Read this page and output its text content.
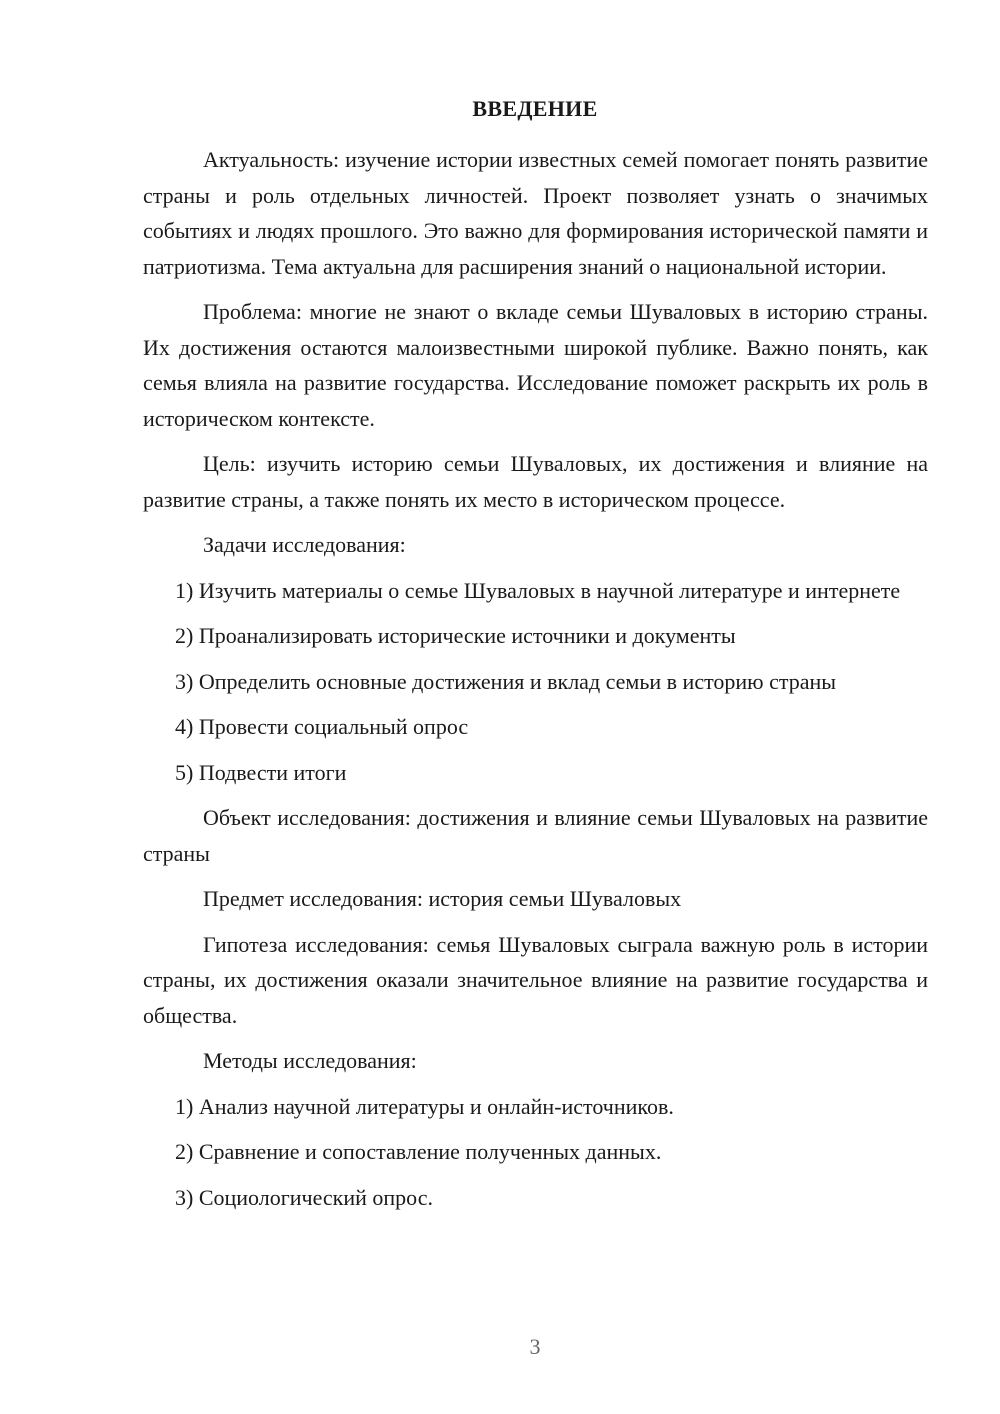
ВВЕДЕНИЕ

Актуальность: изучение истории известных семей помогает понять развитие страны и роль отдельных личностей. Проект позволяет узнать о значимых событиях и людях прошлого. Это важно для формирования исторической памяти и патриотизма. Тема актуальна для расширения знаний о национальной истории.

Проблема: многие не знают о вкладе семьи Шуваловых в историю страны. Их достижения остаются малоизвестными широкой публике. Важно понять, как семья влияла на развитие государства. Исследование поможет раскрыть их роль в историческом контексте.

Цель: изучить историю семьи Шуваловых, их достижения и влияние на развитие страны, а также понять их место в историческом процессе.

Задачи исследования:

1) Изучить материалы о семье Шуваловых в научной литературе и интернете

2) Проанализировать исторические источники и документы

3) Определить основные достижения и вклад семьи в историю страны

4) Провести социальный опрос

5) Подвести итоги

Объект исследования: достижения и влияние семьи Шуваловых на развитие страны

Предмет исследования: история семьи Шуваловых

Гипотеза исследования: семья Шуваловых сыграла важную роль в истории страны, их достижения оказали значительное влияние на развитие государства и общества.

Методы исследования:

1) Анализ научной литературы и онлайн-источников.

2) Сравнение и сопоставление полученных данных.

3) Социологический опрос.

3
